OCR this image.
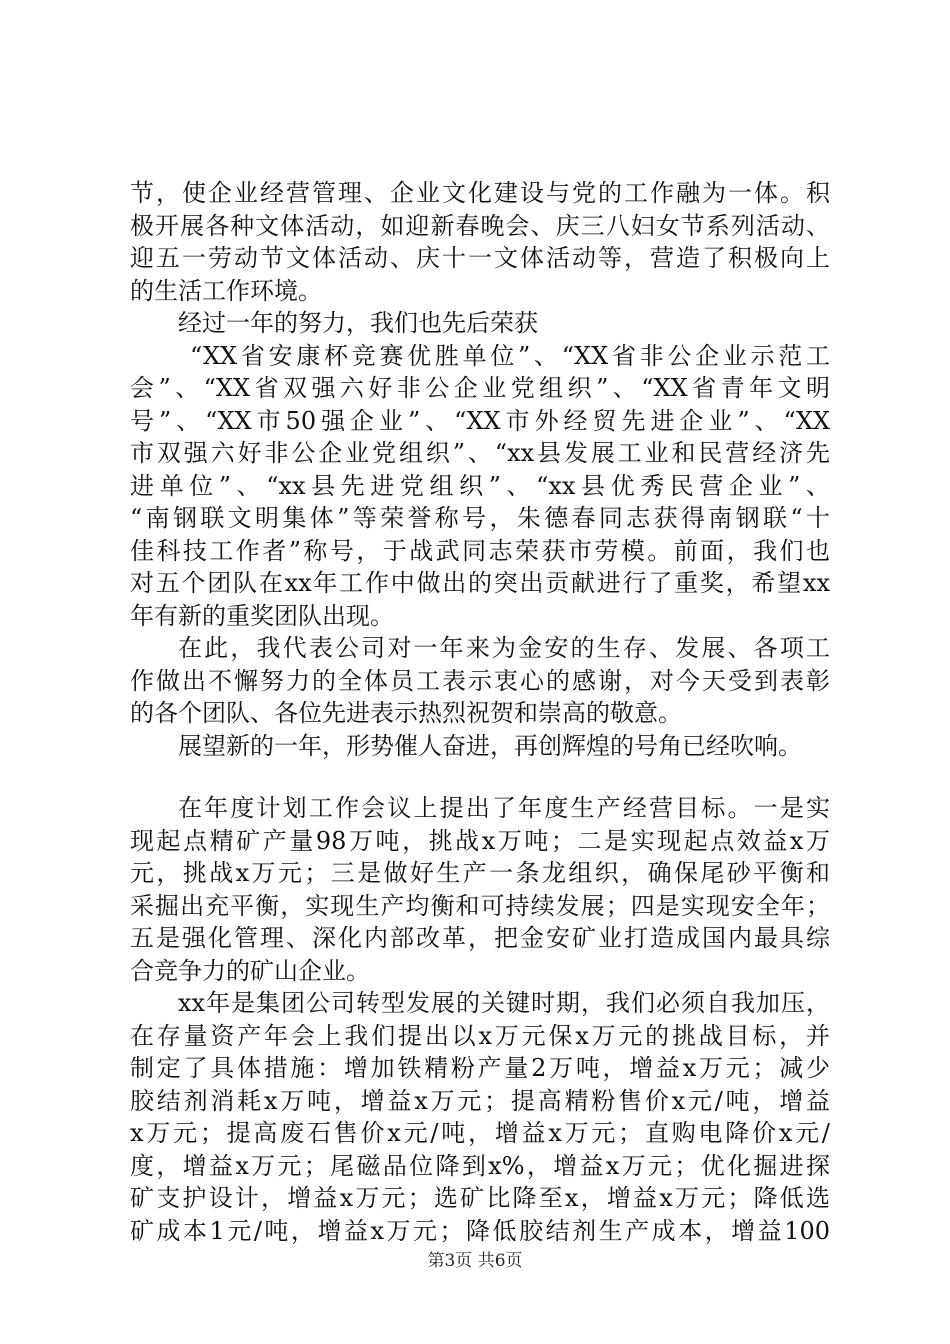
节，使企业经营管理、企业文化建设与党的工作融为一体。积
极开展各种文体活动，如迎新春晚会、庆三八妇女节系列活动、
迎五一劳动节文体活动、庆十一文体活动等，营造了积极向上
的生活工作环境。
经过一年的努力，我们也先后荣获
“XX省安康杯竞赛优胜单位”、“XX省非公企业示范工
会”、“XX省双强六好非公企业党组织”、“XX省青年文明
号”、“XX市50强企业”、“XX市外经贸先进企业”、“XX
市双强六好非公企业党组织”、“xx县发展工业和民营经济先
进单位”、“xx县先进党组织”、“xx县优秀民营企业”、
“南钢联文明集体”等荣誉称号，朱德春同志获得南钢联“十
佳科技工作者”称号，于战武同志荣获市劳模。前面，我们也
对五个团队在xx年工作中做出的突出贡献进行了重奖，希望xx
年有新的重奖团队出现。
在此，我代表公司对一年来为金安的生存、发展、各项工
作做出不懈努力的全体员工表示衷心的感谢，对今天受到表彰
的各个团队、各位先进表示热烈祝贺和崇高的敬意。
展望新的一年，形势催人奋进，再创辉煌的号角已经吹响。
在年度计划工作会议上提出了年度生产经营目标。一是实
现起点精矿产量98万吨，挑战x万吨；二是实现起点效益x万
元，挑战x万元；三是做好生产一条龙组织，确保尾砂平衡和
采掘出充平衡，实现生产均衡和可持续发展；四是实现安全年；
五是强化管理、深化内部改革，把金安矿业打造成国内最具综
合竞争力的矿山企业。
xx年是集团公司转型发展的关键时期，我们必须自我加压，
在存量资产年会上我们提出以x万元保x万元的挑战目标，并
制定了具体措施：增加铁精粉产量2万吨，增益x万元；减少
胶结剂消耗x万吨，增益x万元；提高精粉售价x元/吨，增益
x万元；提高废石售价x元/吨，增益x万元；直购电降价x元/
度，增益x万元；尾磁品位降到x%，增益x万元；优化掘进探
矿支护设计，增益x万元；选矿比降至x，增益x万元；降低选
矿成本1元/吨，增益x万元；降低胶结剂生产成本，增益100
第3页 共6页
